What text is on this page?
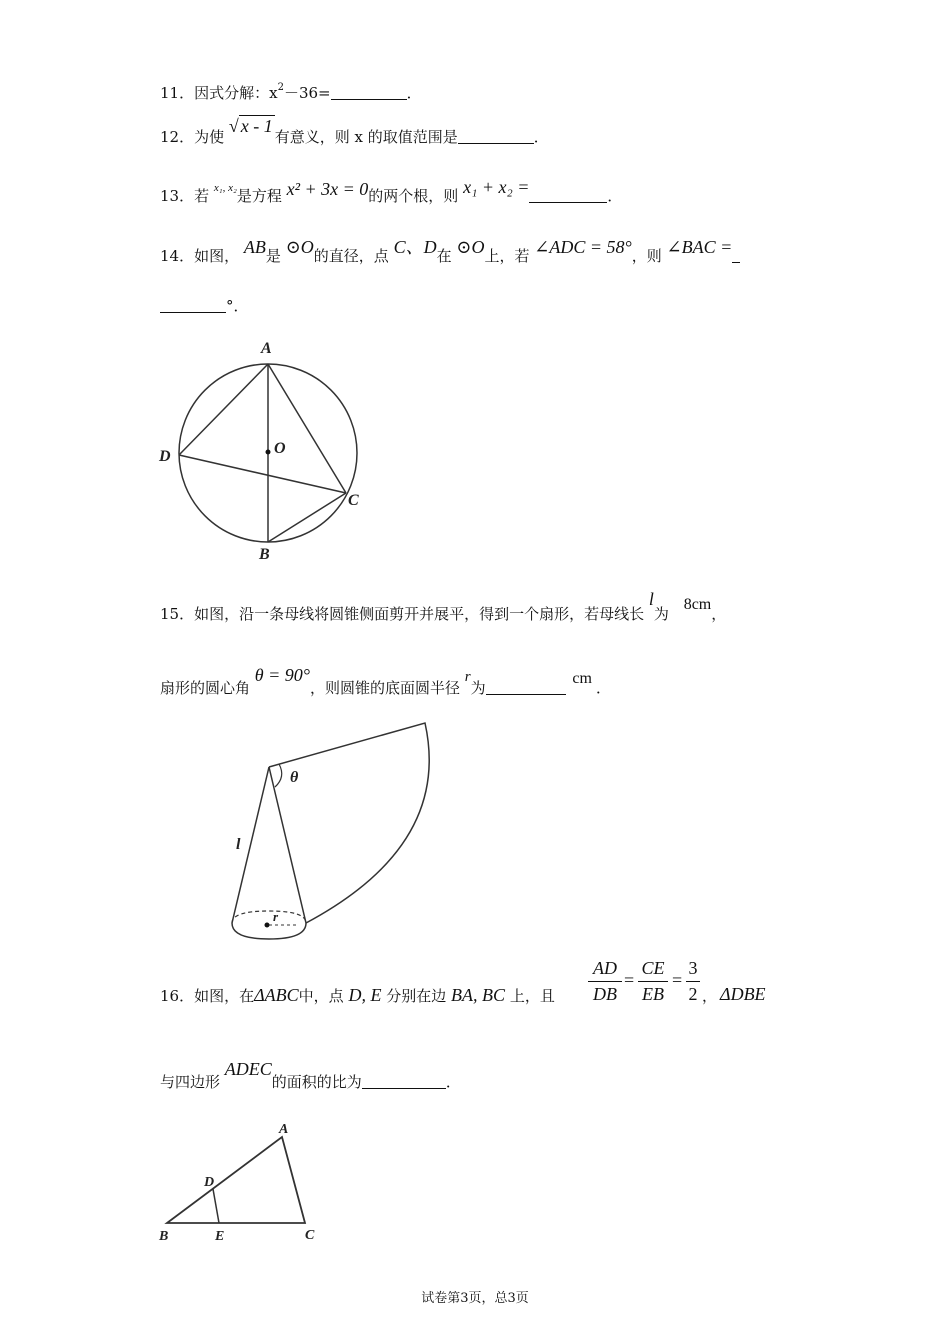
11．因式分解：$x^2-36=$	．
12．为使 √ x - 1有意义，则 x 的取值范围是	．
13．若 $^{x_1, x_2}$是方程 x² + 3x = 0的两个根，则 x₁ + x₂ =	．
14．如图， AB是 ⊙O的直径，点 C、D在 ⊙O上，若 ∠ADC = 58°，则 ∠BAC =
°．
A
B
C
D	O
15．如图，沿一条母线将圆锥侧面剪开并展平，得到一个扇形，若母线长 l为 8cm，
扇形的圆心角 θ = 90°，则圆锥的底面圆半径 r为 cm．
θ
l
r
16．如图，在ΔABC中，点 D, E 分别在边 BA, BC 上，且
AD
DB
=
CE
EB
=
3
2 ， ΔDBE
与四边形 ADEC的面积的比为	．
A
B	C
D
E
试卷第3页，总3页
